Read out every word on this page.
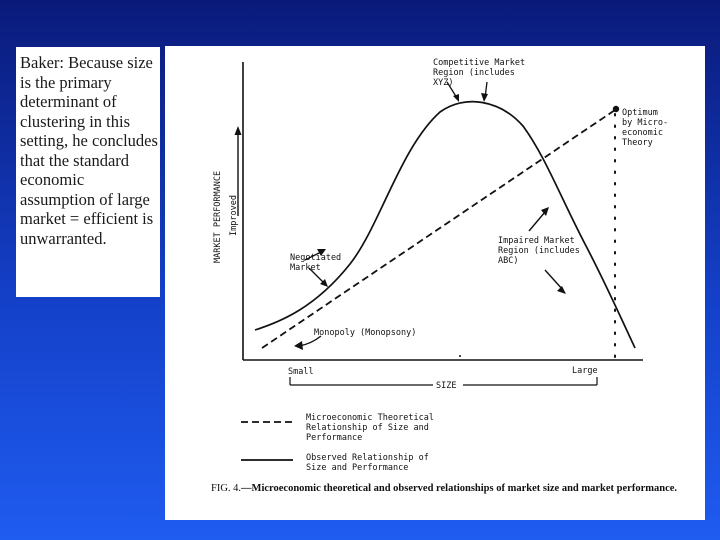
Baker: Because size is the primary determinant of clustering in this setting, he concludes that the standard economic assumption of large market = efficient is unwarranted.	MARKET PERFORMANCE Improved
Competitive Market
Region (includes
XYZ)
Optimum
by Micro-
economic
Theory
Negotiated
Market
Impaired Market
Region (includes
ABC)
Monopoly (Monopsony)
Small	Large
SIZE
Microeconomic Theoretical
Relationship of Size and
Performance
Observed Relationship of
Size and Performance
FIG. 4.—Microeconomic theoretical and observed relationships of market size and market performance.
